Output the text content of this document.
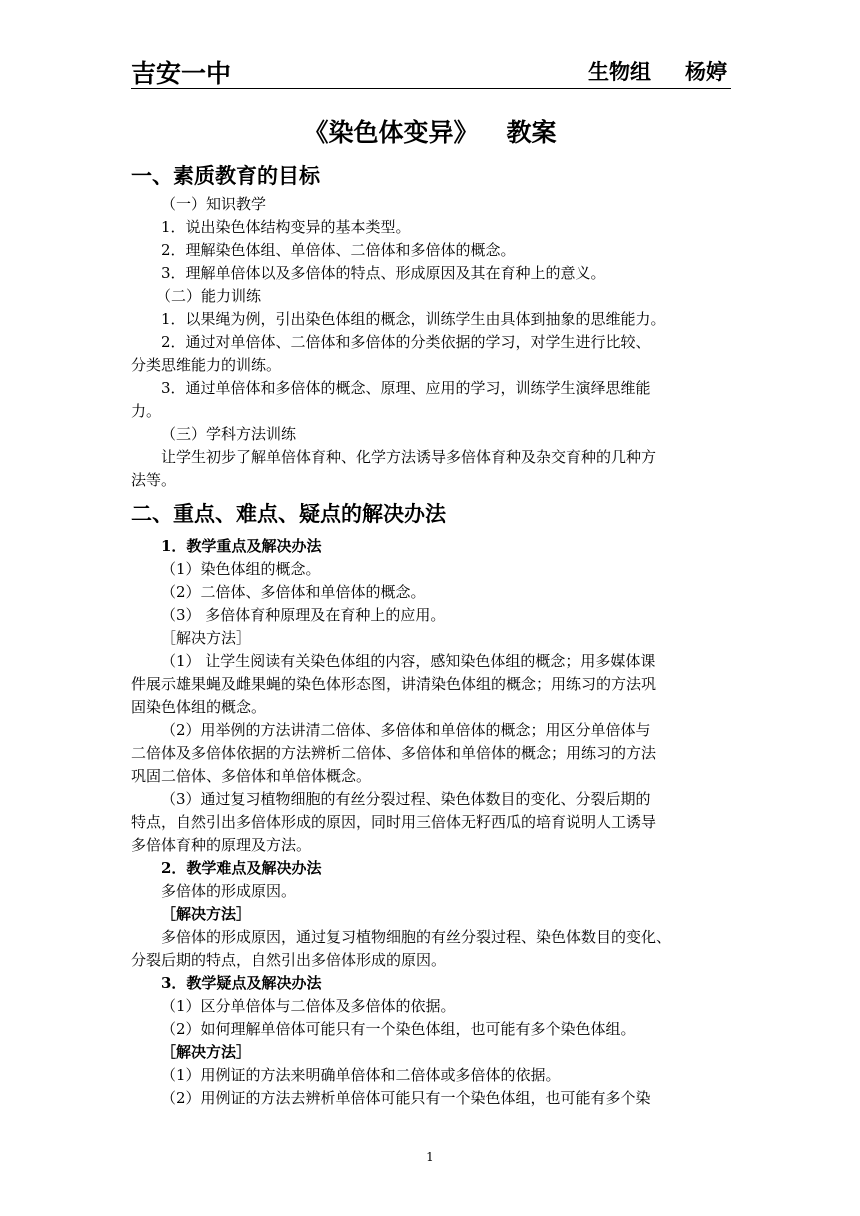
吉安一中	生物组 杨婷
《染色体变异》 教案
一、素质教育的目标
（一）知识教学
1．说出染色体结构变异的基本类型。
2．理解染色体组、单倍体、二倍体和多倍体的概念。
3．理解单倍体以及多倍体的特点、形成原因及其在育种上的意义。
（二）能力训练
1．以果绳为例，引出染色体组的概念，训练学生由具体到抽象的思维能力。
2．通过对单倍体、二倍体和多倍体的分类依据的学习，对学生进行比较、
分类思维能力的训练。
3．通过单倍体和多倍体的概念、原理、应用的学习，训练学生演绎思维能
力。
（三）学科方法训练
让学生初步了解单倍体育种、化学方法诱导多倍体育种及杂交育种的几种方
法等。
二、重点、难点、疑点的解决办法
1．教学重点及解决办法
（1）染色体组的概念。
（2）二倍体、多倍体和单倍体的概念。
（3） 多倍体育种原理及在育种上的应用。
［解决方法］
（1） 让学生阅读有关染色体组的内容，感知染色体组的概念；用多媒体课
件展示雄果蝇及雌果蝇的染色体形态图，讲清染色体组的概念；用练习的方法巩
固染色体组的概念。
（2）用举例的方法讲清二倍体、多倍体和单倍体的概念；用区分单倍体与
二倍体及多倍体依据的方法辨析二倍体、多倍体和单倍体的概念；用练习的方法
巩固二倍体、多倍体和单倍体概念。
（3）通过复习植物细胞的有丝分裂过程、染色体数目的变化、分裂后期的
特点，自然引出多倍体形成的原因，同时用三倍体无籽西瓜的培育说明人工诱导
多倍体育种的原理及方法。
2．教学难点及解决办法
多倍体的形成原因。
［解决方法］
多倍体的形成原因，通过复习植物细胞的有丝分裂过程、染色体数目的变化、
分裂后期的特点，自然引出多倍体形成的原因。
3．教学疑点及解决办法
（1）区分单倍体与二倍体及多倍体的依据。
（2）如何理解单倍体可能只有一个染色体组，也可能有多个染色体组。
［解决方法］
（1）用例证的方法来明确单倍体和二倍体或多倍体的依据。
（2）用例证的方法去辨析单倍体可能只有一个染色体组，也可能有多个染
1
